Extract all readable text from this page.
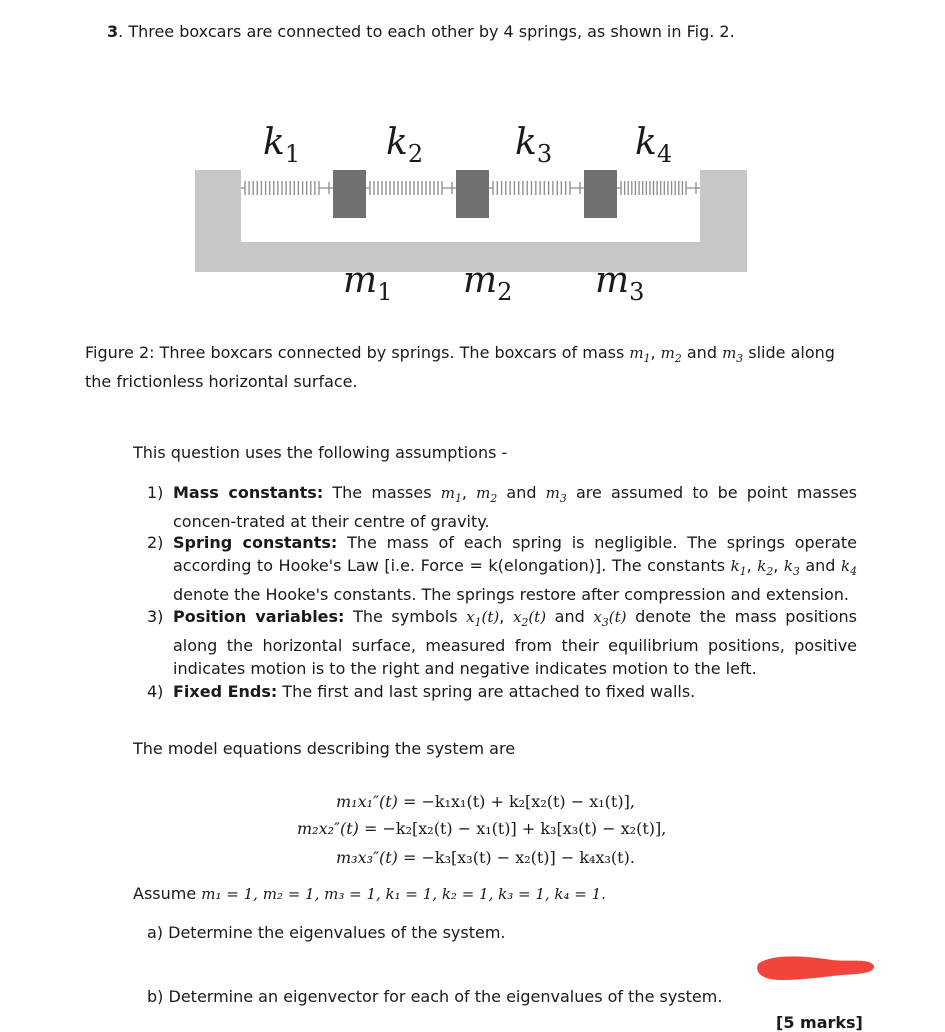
3. Three boxcars are connected to each other by 4 springs, as shown in Fig. 2.
$k_1$ $k_2$	$k_3$ $k_4$
$m_1$ $m_2$ $m_3$
Figure 2: Three boxcars connected by springs. The boxcars of mass $m_1$, $m_2$ and $m_3$ slide along the frictionless horizontal surface.
This question uses the following assumptions -
1) Mass constants: The masses $m_1$, $m_2$ and $m_3$ are assumed to be point masses concen-trated at their centre of gravity.
2) Spring constants: The mass of each spring is negligible. The springs operate according to Hooke's Law [i.e. Force = k(elongation)]. The constants $k_1$, $k_2$, $k_3$ and $k_4$ denote the Hooke's constants. The springs restore after compression and extension.
3) Position variables: The symbols $x_1(t)$, $x_2(t)$ and $x_3(t)$ denote the mass positions along the horizontal surface, measured from their equilibrium positions, positive indicates motion is to the right and negative indicates motion to the left.
4) Fixed Ends: The first and last spring are attached to fixed walls.
The model equations describing the system are
m₁x₁″(t) = −k₁x₁(t) + k₂[x₂(t) − x₁(t)],
m₂x₂″(t) = −k₂[x₂(t) − x₁(t)] + k₃[x₃(t) − x₂(t)],
m₃x₃″(t) = −k₃[x₃(t) − x₂(t)] − k₄x₃(t).
Assume m₁ = 1, m₂ = 1, m₃ = 1, k₁ = 1, k₂ = 1, k₃ = 1, k₄ = 1.
a) Determine the eigenvalues of the system.
b) Determine an eigenvector for each of the eigenvalues of the system.
[5 marks]
